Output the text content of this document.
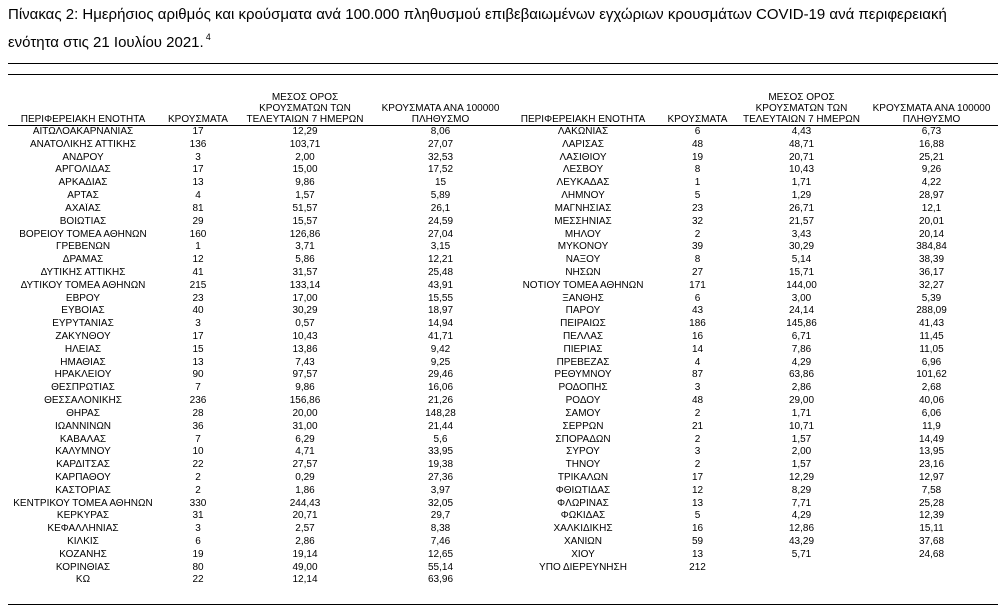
Πίνακας 2: Ημερήσιος αριθμός και κρούσματα ανά 100.000 πληθυσμού επιβεβαιωμένων εγχώριων κρουσμάτων COVID-19 ανά περιφερειακή ενότητα στις 21 Ιουλίου 2021. $^4$
ΠΕΡΙΦΕΡΕΙΑΚΗ ΕΝΟΤΗΤΑ	ΚΡΟΥΣΜΑΤΑ	ΜΕΣΟΣ ΟΡΟΣ ΚΡΟΥΣΜΑΤΩΝ ΤΩΝ ΤΕΛΕΥΤΑΙΩΝ 7 ΗΜΕΡΩΝ	ΚΡΟΥΣΜΑΤΑ ΑΝΑ 100000 ΠΛΗΘΥΣΜΟ
ΑΙΤΩΛΟΑΚΑΡΝΑΝΙΑΣ	17	12,29	8,06
ΑΝΑΤΟΛΙΚΗΣ ΑΤΤΙΚΗΣ	136	103,71	27,07
ΑΝΔΡΟΥ	3	2,00	32,53
ΑΡΓΟΛΙΔΑΣ	17	15,00	17,52
ΑΡΚΑΔΙΑΣ	13	9,86	15
ΑΡΤΑΣ	4	1,57	5,89
ΑΧΑΪΑΣ	81	51,57	26,1
ΒΟΙΩΤΙΑΣ	29	15,57	24,59
ΒΟΡΕΙΟΥ ΤΟΜΕΑ ΑΘΗΝΩΝ	160	126,86	27,04
ΓΡΕΒΕΝΩΝ	1	3,71	3,15
ΔΡΑΜΑΣ	12	5,86	12,21
ΔΥΤΙΚΗΣ ΑΤΤΙΚΗΣ	41	31,57	25,48
ΔΥΤΙΚΟΥ ΤΟΜΕΑ ΑΘΗΝΩΝ	215	133,14	43,91
ΕΒΡΟΥ	23	17,00	15,55
ΕΥΒΟΙΑΣ	40	30,29	18,97
ΕΥΡΥΤΑΝΙΑΣ	3	0,57	14,94
ΖΑΚΥΝΘΟΥ	17	10,43	41,71
ΗΛΕΙΑΣ	15	13,86	9,42
ΗΜΑΘΙΑΣ	13	7,43	9,25
ΗΡΑΚΛΕΙΟΥ	90	97,57	29,46
ΘΕΣΠΡΩΤΙΑΣ	7	9,86	16,06
ΘΕΣΣΑΛΟΝΙΚΗΣ	236	156,86	21,26
ΘΗΡΑΣ	28	20,00	148,28
ΙΩΑΝΝΙΝΩΝ	36	31,00	21,44
ΚΑΒΑΛΑΣ	7	6,29	5,6
ΚΑΛΥΜΝΟΥ	10	4,71	33,95
ΚΑΡΔΙΤΣΑΣ	22	27,57	19,38
ΚΑΡΠΑΘΟΥ	2	0,29	27,36
ΚΑΣΤΟΡΙΑΣ	2	1,86	3,97
ΚΕΝΤΡΙΚΟΥ ΤΟΜΕΑ ΑΘΗΝΩΝ	330	244,43	32,05
ΚΕΡΚΥΡΑΣ	31	20,71	29,7
ΚΕΦΑΛΛΗΝΙΑΣ	3	2,57	8,38
ΚΙΛΚΙΣ	6	2,86	7,46
ΚΟΖΑΝΗΣ	19	19,14	12,65
ΚΟΡΙΝΘΙΑΣ	80	49,00	55,14
ΚΩ	22	12,14	63,96
ΠΕΡΙΦΕΡΕΙΑΚΗ ΕΝΟΤΗΤΑ	ΚΡΟΥΣΜΑΤΑ	ΜΕΣΟΣ ΟΡΟΣ ΚΡΟΥΣΜΑΤΩΝ ΤΩΝ ΤΕΛΕΥΤΑΙΩΝ 7 ΗΜΕΡΩΝ	ΚΡΟΥΣΜΑΤΑ ΑΝΑ 100000 ΠΛΗΘΥΣΜΟ
ΛΑΚΩΝΙΑΣ	6	4,43	6,73
ΛΑΡΙΣΑΣ	48	48,71	16,88
ΛΑΣΙΘΙΟΥ	19	20,71	25,21
ΛΕΣΒΟΥ	8	10,43	9,26
ΛΕΥΚΑΔΑΣ	1	1,71	4,22
ΛΗΜΝΟΥ	5	1,29	28,97
ΜΑΓΝΗΣΙΑΣ	23	26,71	12,1
ΜΕΣΣΗΝΙΑΣ	32	21,57	20,01
ΜΗΛΟΥ	2	3,43	20,14
ΜΥΚΟΝΟΥ	39	30,29	384,84
ΝΑΞΟΥ	8	5,14	38,39
ΝΗΣΩΝ	27	15,71	36,17
ΝΟΤΙΟΥ ΤΟΜΕΑ ΑΘΗΝΩΝ	171	144,00	32,27
ΞΑΝΘΗΣ	6	3,00	5,39
ΠΑΡΟΥ	43	24,14	288,09
ΠΕΙΡΑΙΩΣ	186	145,86	41,43
ΠΕΛΛΑΣ	16	6,71	11,45
ΠΙΕΡΙΑΣ	14	7,86	11,05
ΠΡΕΒΕΖΑΣ	4	4,29	6,96
ΡΕΘΥΜΝΟΥ	87	63,86	101,62
ΡΟΔΟΠΗΣ	3	2,86	2,68
ΡΟΔΟΥ	48	29,00	40,06
ΣΑΜΟΥ	2	1,71	6,06
ΣΕΡΡΩΝ	21	10,71	11,9
ΣΠΟΡΑΔΩΝ	2	1,57	14,49
ΣΥΡΟΥ	3	2,00	13,95
ΤΗΝΟΥ	2	1,57	23,16
ΤΡΙΚΑΛΩΝ	17	12,29	12,97
ΦΘΙΩΤΙΔΑΣ	12	8,29	7,58
ΦΛΩΡΙΝΑΣ	13	7,71	25,28
ΦΩΚΙΔΑΣ	5	4,29	12,39
ΧΑΛΚΙΔΙΚΗΣ	16	12,86	15,11
ΧΑΝΙΩΝ	59	43,29	37,68
ΧΙΟΥ	13	5,71	24,68
ΥΠΟ ΔΙΕΡΕΥΝΗΣΗ	212		
